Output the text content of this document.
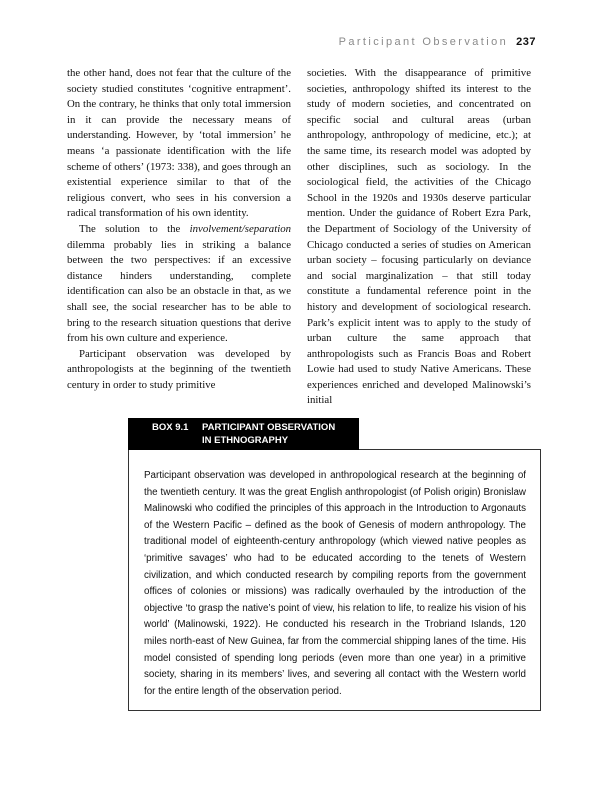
Participant Observation 237

the other hand, does not fear that the culture of the society studied constitutes ‘cognitive entrapment’. On the contrary, he thinks that only total immersion in it can provide the necessary means of understanding. However, by ‘total immersion’ he means ‘a passionate identification with the life scheme of others’ (1973: 338), and goes through an existential experience similar to that of the religious convert, who sees in his conversion a radical transformation of his own identity.

The solution to the involvement/separation dilemma probably lies in striking a balance between the two perspectives: if an excessive distance hinders understanding, complete identification can also be an obstacle in that, as we shall see, the social researcher has to be able to bring to the research situation questions that derive from his own culture and experience.

Participant observation was developed by anthropologists at the beginning of the twentieth century in order to study primitive

societies. With the disappearance of primitive societies, anthropology shifted its interest to the study of modern societies, and concentrated on specific social and cultural areas (urban anthropology, anthropology of medicine, etc.); at the same time, its research model was adopted by other disciplines, such as sociology. In the sociological field, the activities of the Chicago School in the 1920s and 1930s deserve particular mention. Under the guidance of Robert Ezra Park, the Department of Sociology of the University of Chicago conducted a series of studies on American urban society – focusing particularly on deviance and social marginalization – that still today constitute a fundamental reference point in the history and development of sociological research. Park’s explicit intent was to apply to the study of urban culture the same approach that anthropologists such as Francis Boas and Robert Lowie had used to study Native Americans. These experiences enriched and developed Malinowski’s initial

BOX 9.1 PARTICIPANT OBSERVATION
IN ETHNOGRAPHY
Participant observation was developed in anthropological research at the beginning of the twentieth century. It was the great English anthropologist (of Polish origin) Bronislaw Malinowski who codified the principles of this approach in the Introduction to Argonauts of the Western Pacific – defined as the book of Genesis of modern anthropology. The traditional model of eighteenth-century anthropology (which viewed native peoples as ‘primitive savages’ who had to be educated according to the tenets of Western civilization, and which conducted research by compiling reports from the government offices of colonies or missions) was radically overhauled by the introduction of the objective ‘to grasp the native’s point of view, his relation to life, to realize his vision of his world’ (Malinowski, 1922). He conducted his research in the Trobriand Islands, 120 miles north-east of New Guinea, far from the commercial shipping lanes of the time. His model consisted of spending long periods (even more than one year) in a primitive society, sharing in its members’ lives, and severing all contact with the Western world for the entire length of the observation period.
